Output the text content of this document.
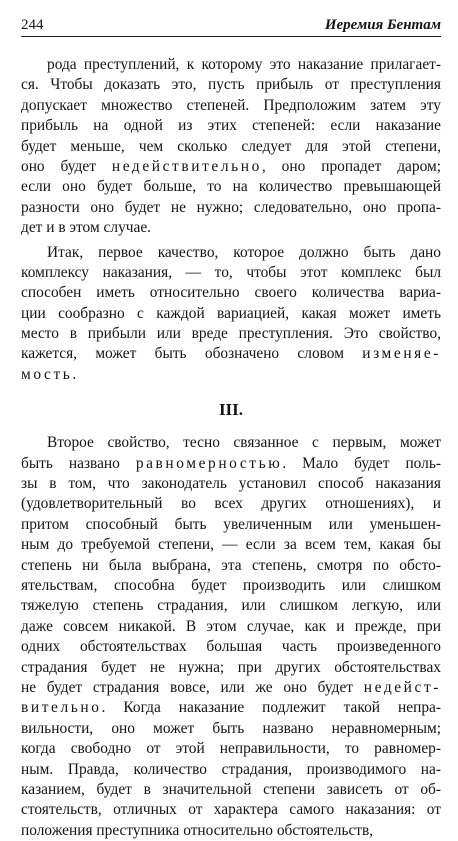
244	Иеремия Бентам
рода преступлений, к которому это наказание прилагает-
ся. Чтобы доказать это, пусть прибыль от преступления
допускает множество степеней. Предположим затем эту
прибыль на одной из этих степеней: если наказание
будет меньше, чем сколько следует для этой степени,
оно будет недействительно, оно пропадет даром;
если оно будет больше, то на количество превышающей
разности оно будет не нужно; следовательно, оно пропа-
дет и в этом случае.
Итак, первое качество, которое должно быть дано
комплексу наказания, — то, чтобы этот комплекс был
способен иметь относительно своего количества вариа-
ции сообразно с каждой вариацией, какая может иметь
место в прибыли или вреде преступления. Это свойство,
кажется, может быть обозначено словом изменяе-
мость.
III.
Второе свойство, тесно связанное с первым, может
быть названо равномерностью. Мало будет поль-
зы в том, что законодатель установил способ наказания
(удовлетворительный во всех других отношениях), и
притом способный быть увеличенным или уменьшен-
ным до требуемой степени, — если за всем тем, какая бы
степень ни была выбрана, эта степень, смотря по обсто-
ятельствам, способна будет производить или слишком
тяжелую степень страдания, или слишком легкую, или
даже совсем никакой. В этом случае, как и прежде, при
одних обстоятельствах большая часть произведенного
страдания будет не нужна; при других обстоятельствах
не будет страдания вовсе, или же оно будет недейст-
вительно. Когда наказание подлежит такой непра-
вильности, оно может быть названо неравномерным;
когда свободно от этой неправильности, то равномер-
ным. Правда, количество страдания, производимого на-
казанием, будет в значительной степени зависеть от об-
стоятельств, отличных от характера самого наказания: от
положения преступника относительно обстоятельств,
